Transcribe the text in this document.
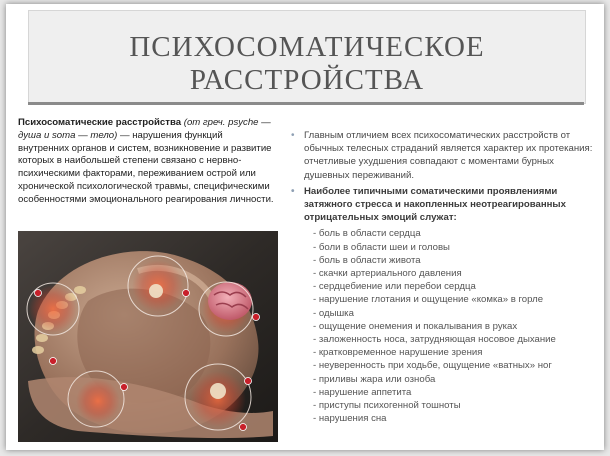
ПСИХОСОМАТИЧЕСКОЕ
РАССТРОЙСТВА
Психосоматические расстройства (от греч. psyche — душа и soma — тело) — нарушения функций внутренних органов и систем, возникновение и развитие которых в наибольшей степени связано с нервно-психическими факторами, переживанием острой или хронической психологической травмы, специфическими особенностями эмоционального реагирования личности.
• Главным отличием всех психосоматических расстройств от обычных телесных страданий является характер их протекания: отчетливые ухудшения совпадают с моментами бурных душевных переживаний.
• Наиболее типичными соматическими проявлениями затяжного стресса и накопленных неотреагированных отрицательных эмоций служат:
- боль в области сердца
- боли в области шеи и головы
- боль в области живота
- скачки артериального давления
- сердцебиение или перебои сердца
- нарушение глотания и ощущение «комка» в горле
- одышка
- ощущение онемения и покалывания в руках
- заложенность носа, затрудняющая носовое дыхание
- кратковременное нарушение зрения
- неуверенность при ходьбе, ощущение «ватных» ног
- приливы жара или озноба
- нарушение аппетита
- приступы психогенной тошноты
- нарушения сна
